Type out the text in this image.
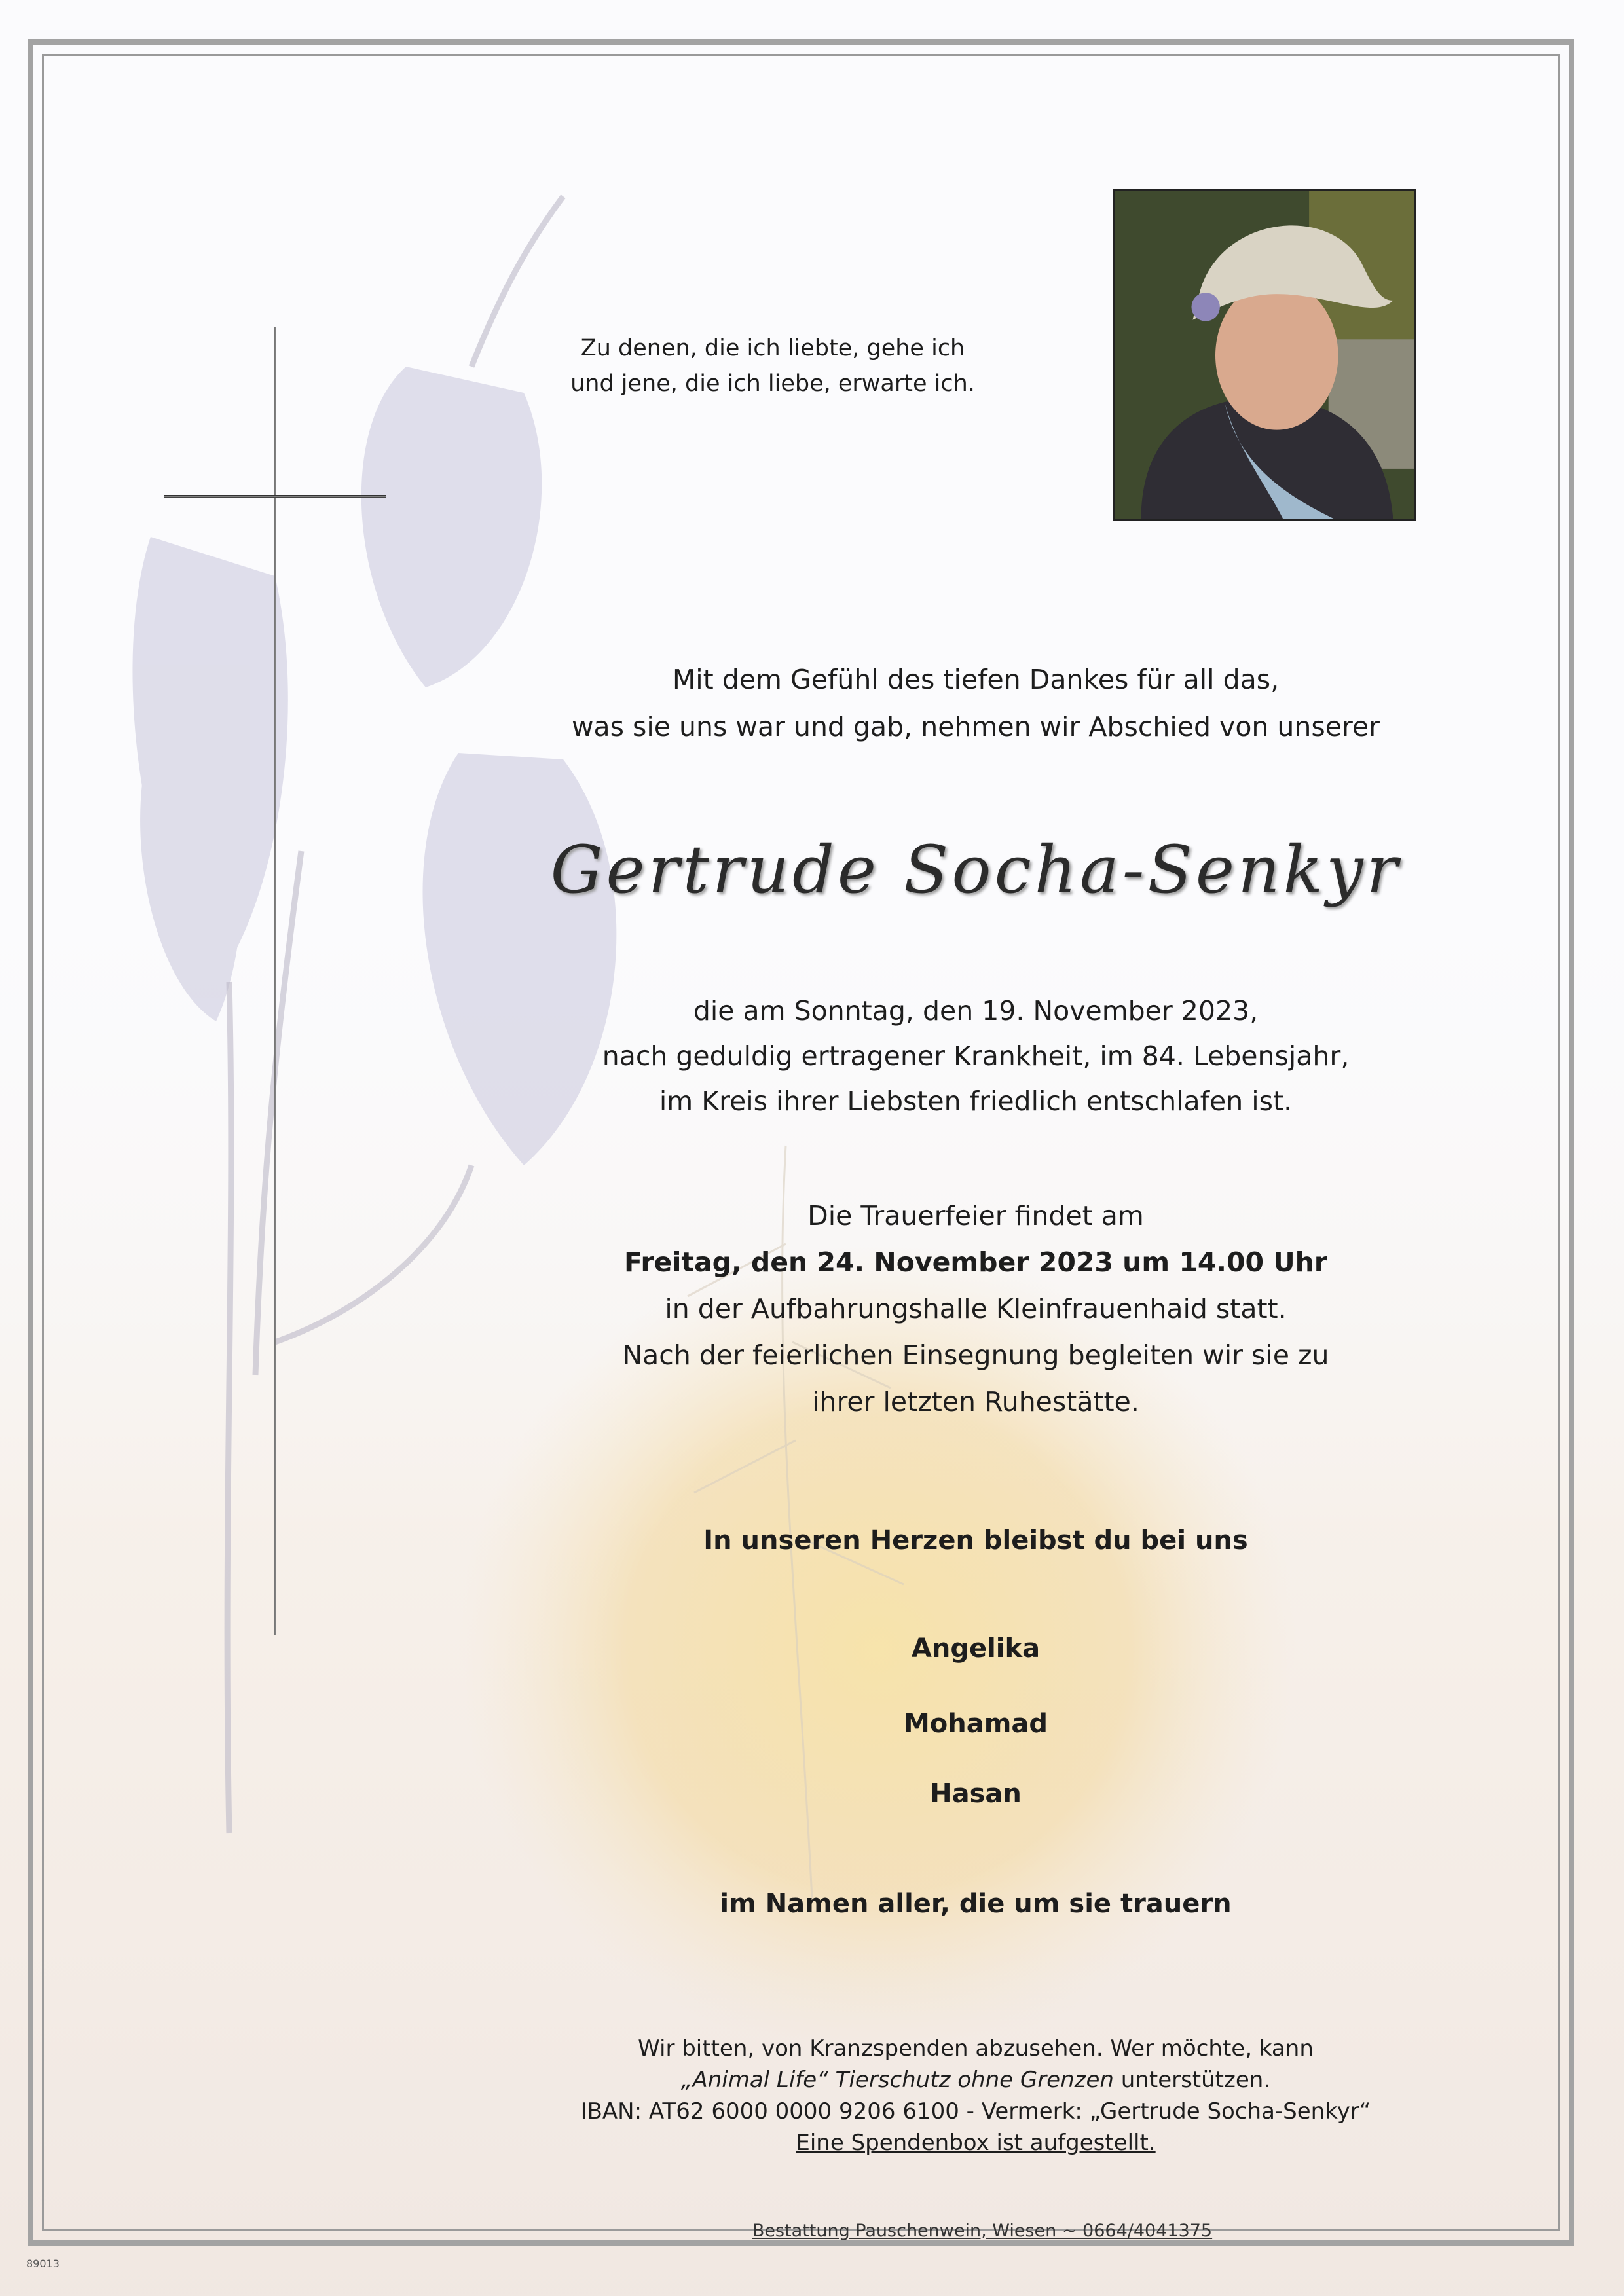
Zu denen, die ich liebte, gehe ich
und jene, die ich liebe, erwarte ich.
Mit dem Gefühl des tiefen Dankes für all das,
was sie uns war und gab, nehmen wir Abschied von unserer
Gertrude Socha-Senkyr
die am Sonntag, den 19. November 2023,
nach geduldig ertragener Krankheit, im 84. Lebensjahr,
im Kreis ihrer Liebsten friedlich entschlafen ist.
Die Trauerfeier findet am
Freitag, den 24. November 2023 um 14.00 Uhr
in der Aufbahrungshalle Kleinfrauenhaid statt.
Nach der feierlichen Einsegnung begleiten wir sie zu
ihrer letzten Ruhestätte.
In unseren Herzen bleibst du bei uns
Angelika
Mohamad
Hasan
im Namen aller, die um sie trauern
Wir bitten, von Kranzspenden abzusehen. Wer möchte, kann
„Animal Life“ Tierschutz ohne Grenzen unterstützen.
IBAN: AT62 6000 0000 9206 6100 - Vermerk: „Gertrude Socha-Senkyr“
Eine Spendenbox ist aufgestellt.
Bestattung Pauschenwein, Wiesen ~ 0664/4041375
89013
